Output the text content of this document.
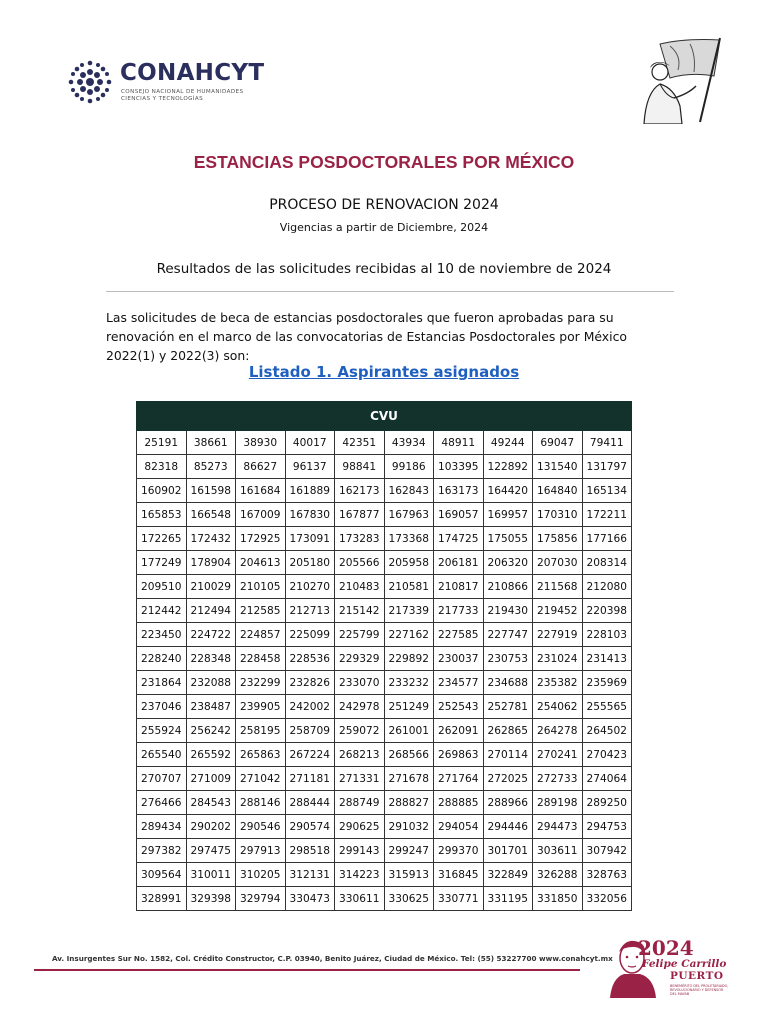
CONAHCYT
CONSEJO NACIONAL DE HUMANIDADES CIENCIAS Y TECNOLOGÍAS
ESTANCIAS POSDOCTORALES POR MÉXICO
PROCESO DE RENOVACION 2024
Vigencias a partir de Diciembre, 2024
Resultados de las solicitudes recibidas al 10 de noviembre de 2024
Las solicitudes de beca de estancias posdoctorales que fueron aprobadas para su renovación en el marco de las convocatorias de Estancias Posdoctorales por México 2022(1) y 2022(3) son:
Listado 1. Aspirantes asignados
CVU									
25191	38661	38930	40017	42351	43934	48911	49244	69047	79411
82318	85273	86627	96137	98841	99186	103395	122892	131540	131797
160902	161598	161684	161889	162173	162843	163173	164420	164840	165134
165853	166548	167009	167830	167877	167963	169057	169957	170310	172211
172265	172432	172925	173091	173283	173368	174725	175055	175856	177166
177249	178904	204613	205180	205566	205958	206181	206320	207030	208314
209510	210029	210105	210270	210483	210581	210817	210866	211568	212080
212442	212494	212585	212713	215142	217339	217733	219430	219452	220398
223450	224722	224857	225099	225799	227162	227585	227747	227919	228103
228240	228348	228458	228536	229329	229892	230037	230753	231024	231413
231864	232088	232299	232826	233070	233232	234577	234688	235382	235969
237046	238487	239905	242002	242978	251249	252543	252781	254062	255565
255924	256242	258195	258709	259072	261001	262091	262865	264278	264502
265540	265592	265863	267224	268213	268566	269863	270114	270241	270423
270707	271009	271042	271181	271331	271678	271764	272025	272733	274064
276466	284543	288146	288444	288749	288827	288885	288966	289198	289250
289434	290202	290546	290574	290625	291032	294054	294446	294473	294753
297382	297475	297913	298518	299143	299247	299370	301701	303611	307942
309564	310011	310205	312131	314223	315913	316845	322849	326288	328763
328991	329398	329794	330473	330611	330625	330771	331195	331850	332056
Av. Insurgentes Sur No. 1582, Col. Crédito Constructor, C.P. 03940, Benito Juárez, Ciudad de México. Tel: (55) 53227700 www.conahcyt.mx 2024
Felipe Carrillo
PUERTO
BENEMÉRITO DEL PROLETARIADO, REVOLUCIONARIO Y DEFENSOR DEL MAYAB
